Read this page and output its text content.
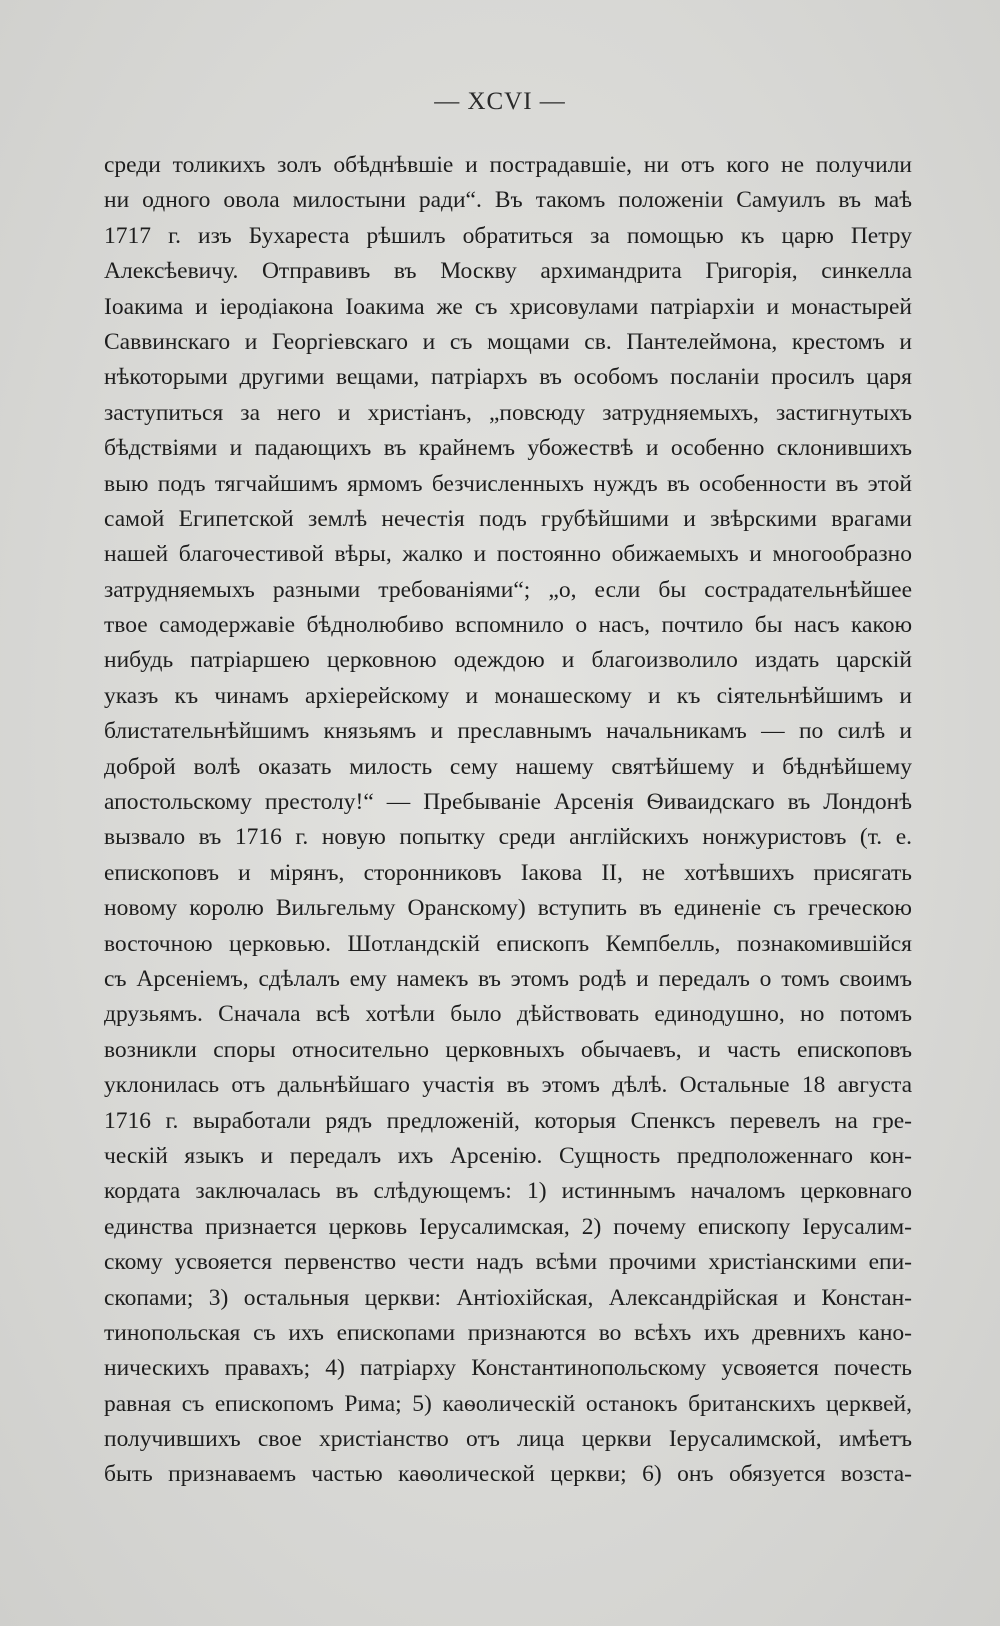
— XCVI —
среди толикихъ золъ обѣднѣвшіе и пострадавшіе, ни отъ кого не получили
ни одного овола милостыни ради“. Въ такомъ положеніи Самуилъ въ маѣ
1717 г. изъ Бухареста рѣшилъ обратиться за помощью къ царю Петру
Алексѣевичу. Отправивъ въ Москву архимандрита Григорія, синкелла
Іоакима и іеродіакона Іоакима же съ хрисовулами патріархіи и монастырей
Саввинскаго и Георгіевскаго и съ мощами св. Пантелеймона, крестомъ и
нѣкоторыми другими вещами, патріархъ въ особомъ посланіи просилъ царя
заступиться за него и христіанъ, „повсюду затрудняемыхъ, застигнутыхъ
бѣдствіями и падающихъ въ крайнемъ убожествѣ и особенно склонившихъ
выю подъ тягчайшимъ ярмомъ безчисленныхъ нуждъ въ особенности въ этой
самой Египетской землѣ нечестія подъ грубѣйшими и звѣрскими врагами
нашей благочестивой вѣры, жалко и постоянно обижаемыхъ и многообразно
затрудняемыхъ разными требованіями“; „о, если бы сострадательнѣйшее
твое самодержавіе бѣднолюбиво вспомнило о насъ, почтило бы насъ какою
нибудь патріаршею церковною одеждою и благоизволило издать царскій
указъ къ чинамъ архіерейскому и монашескому и къ сіятельнѣйшимъ и
блистательнѣйшимъ князьямъ и преславнымъ начальникамъ — по силѣ и
доброй волѣ оказать милость сему нашему святѣйшему и бѣднѣйшему
апостольскому престолу!“ — Пребываніе Арсенія Ѳиваидскаго въ Лондонѣ
вызвало въ 1716 г. новую попытку среди англійскихъ нонжуристовъ (т. е.
епископовъ и мірянъ, сторонниковъ Іакова II, не хотѣвшихъ присягать
новому королю Вильгельму Оранскому) вступить въ единеніе съ греческою
восточною церковью. Шотландскій епископъ Кемпбелль, познакомившійся
съ Арсеніемъ, сдѣлалъ ему намекъ въ этомъ родѣ и передалъ о томъ своимъ
друзьямъ. Сначала всѣ хотѣли было дѣйствовать единодушно, но потомъ
возникли споры относительно церковныхъ обычаевъ, и часть епископовъ
уклонилась отъ дальнѣйшаго участія въ этомъ дѣлѣ. Остальные 18 августа
1716 г. выработали рядъ предложеній, которыя Спенксъ перевелъ на гре-
ческій языкъ и передалъ ихъ Арсенію. Сущность предположеннаго кон-
кордата заключалась въ слѣдующемъ: 1) истиннымъ началомъ церковнаго
единства признается церковь Іерусалимская, 2) почему епископу Іерусалим-
скому усвояется первенство чести надъ всѣми прочими христіанскими епи-
скопами; 3) остальныя церкви: Антіохійская, Александрійская и Констан-
тинопольская съ ихъ епископами признаются во всѣхъ ихъ древнихъ кано-
ническихъ правахъ; 4) патріарху Константинопольскому усвояется почесть
равная съ епископомъ Рима; 5) каѳолическій останокъ британскихъ церквей,
получившихъ свое христіанство отъ лица церкви Іерусалимской, имѣетъ
быть признаваемъ частью каѳолической церкви; 6) онъ обязуется возста-
